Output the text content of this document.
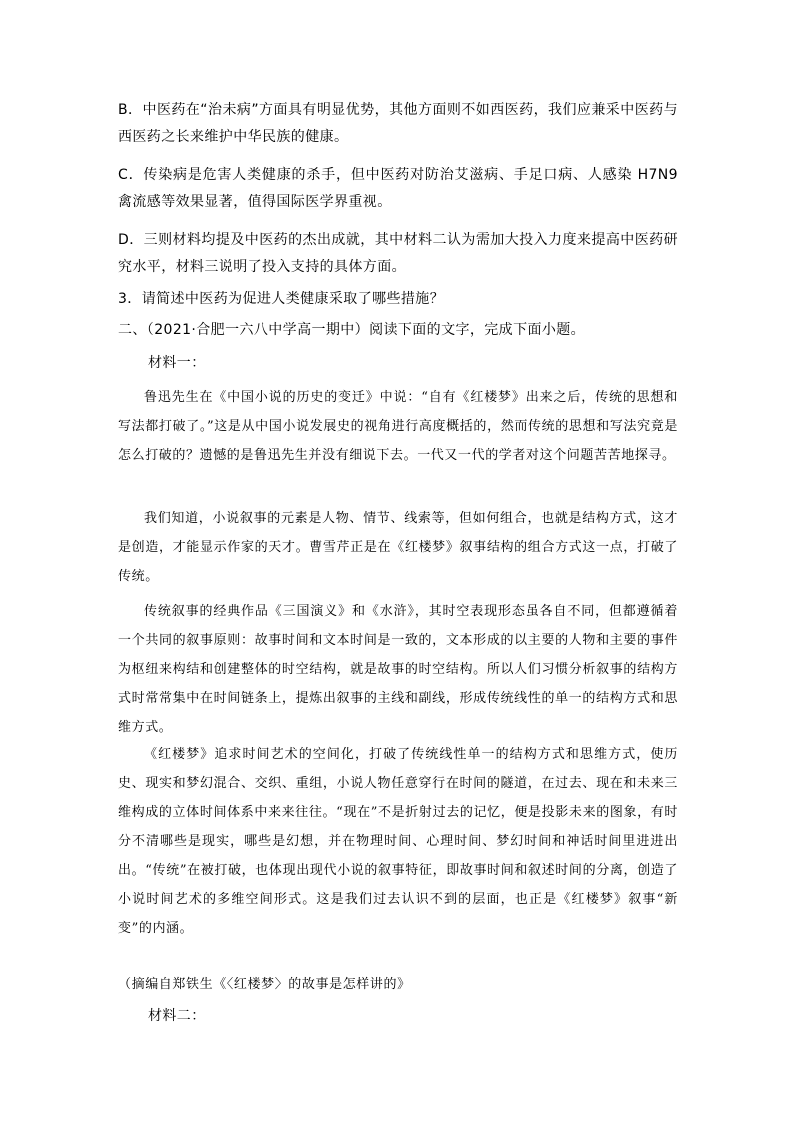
B．中医药在“治未病”方面具有明显优势，其他方面则不如西医药，我们应兼采中医药与西医药之长来维护中华民族的健康。

C．传染病是危害人类健康的杀手，但中医药对防治艾滋病、手足口病、人感染 H7N9 禽流感等效果显著，值得国际医学界重视。

D．三则材料均提及中医药的杰出成就，其中材料二认为需加大投入力度来提高中医药研究水平，材料三说明了投入支持的具体方面。

3．请简述中医药为促进人类健康采取了哪些措施？

二、（2021·合肥一六八中学高一期中）阅读下面的文字，完成下面小题。

材料一：

鲁迅先生在《中国小说的历史的变迁》中说：“自有《红楼梦》出来之后，传统的思想和写法都打破了。”这是从中国小说发展史的视角进行高度概括的，然而传统的思想和写法究竟是怎么打破的？遗憾的是鲁迅先生并没有细说下去。一代又一代的学者对这个问题苦苦地探寻。

我们知道，小说叙事的元素是人物、情节、线索等，但如何组合，也就是结构方式，这才是创造，才能显示作家的天才。曹雪芹正是在《红楼梦》叙事结构的组合方式这一点，打破了传统。

传统叙事的经典作品《三国演义》和《水浒》，其时空表现形态虽各自不同，但都遵循着一个共同的叙事原则：故事时间和文本时间是一致的，文本形成的以主要的人物和主要的事件为枢纽来构结和创建整体的时空结构，就是故事的时空结构。所以人们习惯分析叙事的结构方式时常常集中在时间链条上，提炼出叙事的主线和副线，形成传统线性的单一的结构方式和思维方式。

《红楼梦》追求时间艺术的空间化，打破了传统线性单一的结构方式和思维方式，使历史、现实和梦幻混合、交织、重组，小说人物任意穿行在时间的隧道，在过去、现在和未来三维构成的立体时间体系中来来往往。“现在”不是折射过去的记忆，便是投影未来的图象，有时分不清哪些是现实，哪些是幻想，并在物理时间、心理时间、梦幻时间和神话时间里进进出出。“传统”在被打破，也体现出现代小说的叙事特征，即故事时间和叙述时间的分离，创造了小说时间艺术的多维空间形式。这是我们过去认识不到的层面，也正是《红楼梦》叙事“新变”的内涵。

（摘编自郑铁生《〈红楼梦〉的故事是怎样讲的》

材料二：
